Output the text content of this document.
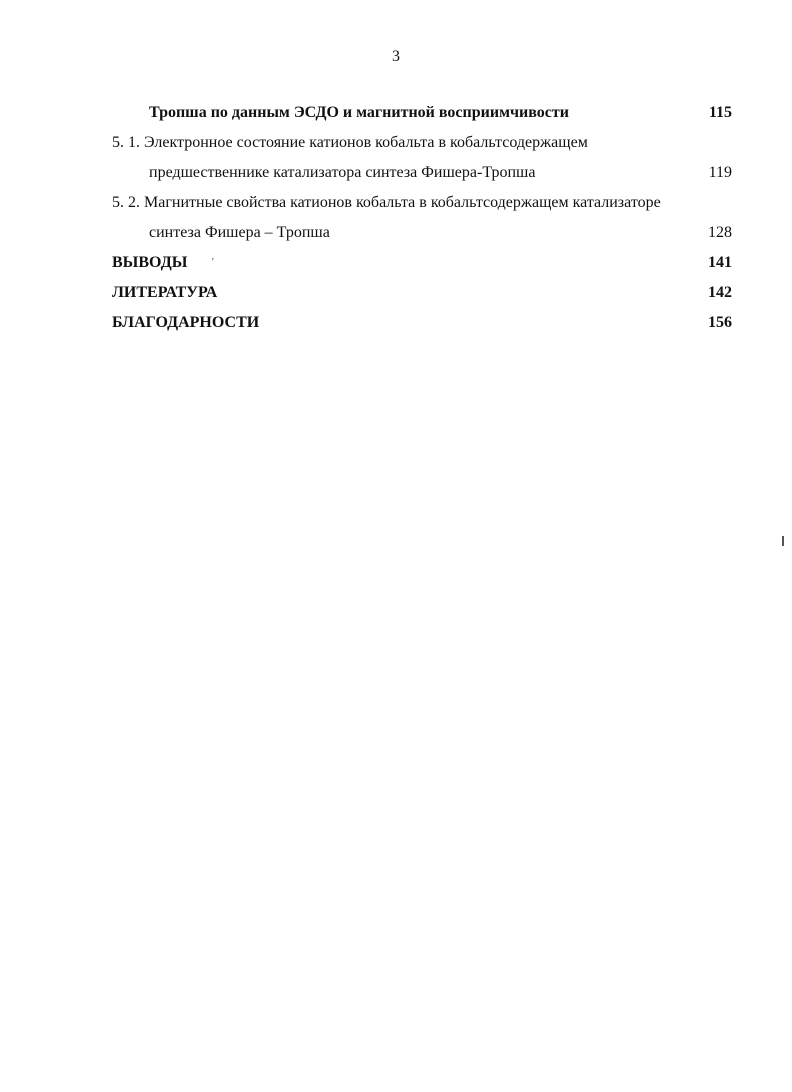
3
Тропша по данным ЭСДО и магнитной восприимчивости	115
5. 1. Электронное состояние катионов кобальта в кобальтсодержащем
предшественнике катализатора синтеза Фишера-Тропша	119
5. 2. Магнитные свойства катионов кобальта в кобальтсодержащем катализаторе
синтеза Фишера – Тропша	128
ВЫВОДЫ	141
ЛИТЕРАТУРА	142
БЛАГОДАРНОСТИ	156
'
